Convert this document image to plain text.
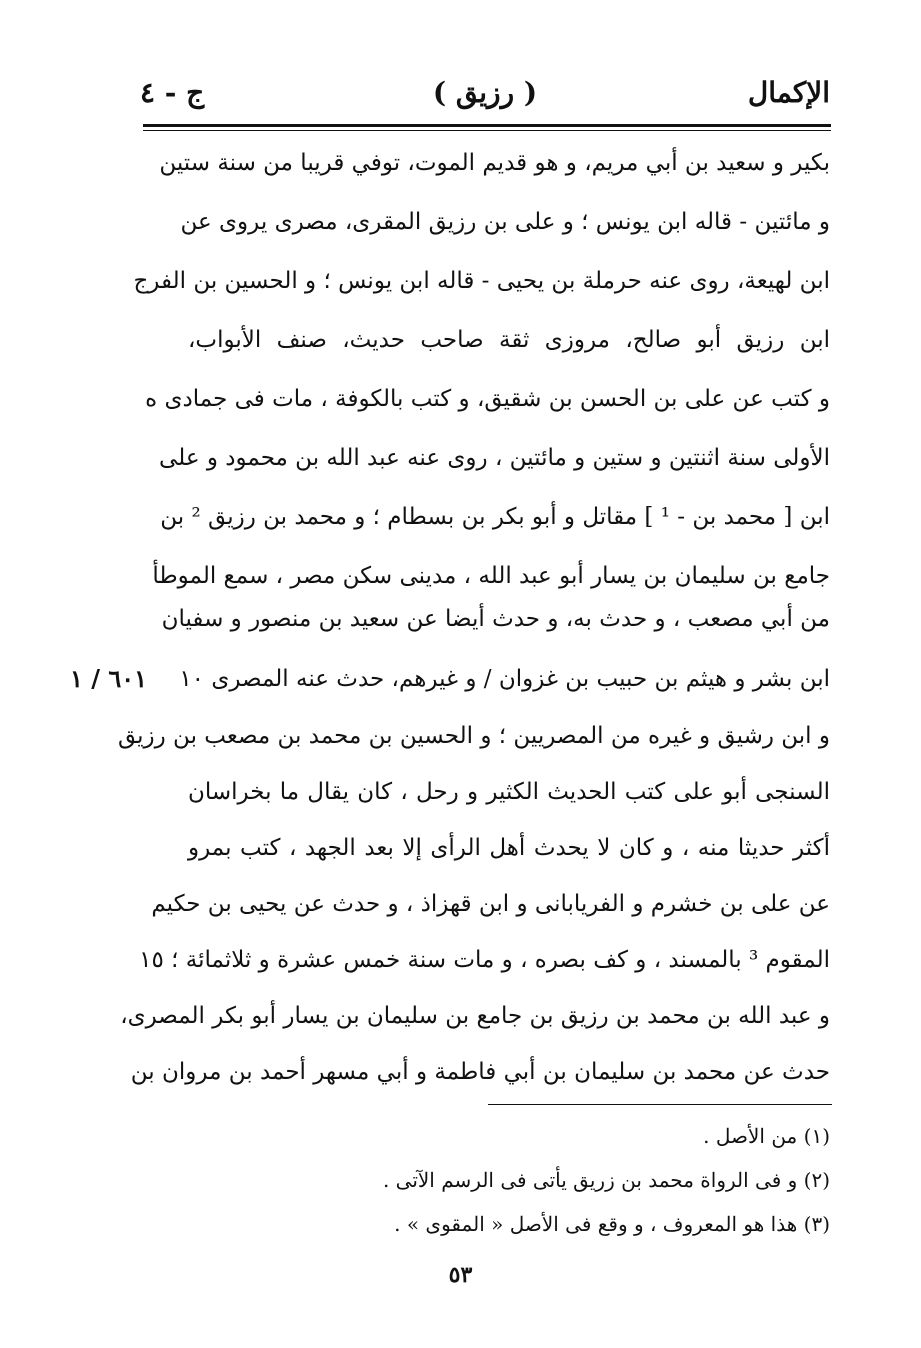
الإكمال
( رزيق )
ج - ٤
بكير و سعيد بن أبي مريم، و هو قديم الموت، توفي قريبا من سنة ستين
و مائتين - قاله ابن يونس ؛ و على بن رزيق المقرى، مصرى يروى عن
ابن لهيعة، روى عنه حرملة بن يحيى - قاله ابن يونس ؛ و الحسين بن الفرج
ابن رزيق أبو صالح، مروزى ثقة صاحب حديث، صنف الأبواب،
و كتب عن على بن الحسن بن شقيق، و كتب بالكوفة ، مات فى جمادى ه
الأولى سنة اثنتين و ستين و مائتين ، روى عنه عبد الله بن محمود و على
ابن [ محمد بن - ¹ ] مقاتل و أبو بكر بن بسطام ؛ و محمد بن رزيق ² بن
جامع بن سليمان بن يسار أبو عبد الله ، مدينى سكن مصر ، سمع الموطأ
من أبي مصعب ، و حدث به، و حدث أيضا عن سعيد بن منصور و سفيان
ابن بشر و هيثم بن حبيب بن غزوان / و غيرهم، حدث عنه المصرى ١٠
و ابن رشيق و غيره من المصريين ؛ و الحسين بن محمد بن مصعب بن رزيق
السنجى أبو على كتب الحديث الكثير و رحل ، كان يقال ما بخراسان
أكثر حديثا منه ، و كان لا يحدث أهل الرأى إلا بعد الجهد ، كتب بمرو
عن على بن خشرم و الفريابانى و ابن قهزاذ ، و حدث عن يحيى بن حكيم
المقوم ³ بالمسند ، و كف بصره ، و مات سنة خمس عشرة و ثلاثمائة ؛ ١٥
و عبد الله بن محمد بن رزيق بن جامع بن سليمان بن يسار أبو بكر المصرى،
حدث عن محمد بن سليمان بن أبي فاطمة و أبي مسهر أحمد بن مروان بن
٦٠١ / ١
(١) من الأصل .
(٢) و فى الرواة محمد بن زريق يأتى فى الرسم الآتى .
(٣) هذا هو المعروف ، و وقع فى الأصل « المقوى » .
٥٣
